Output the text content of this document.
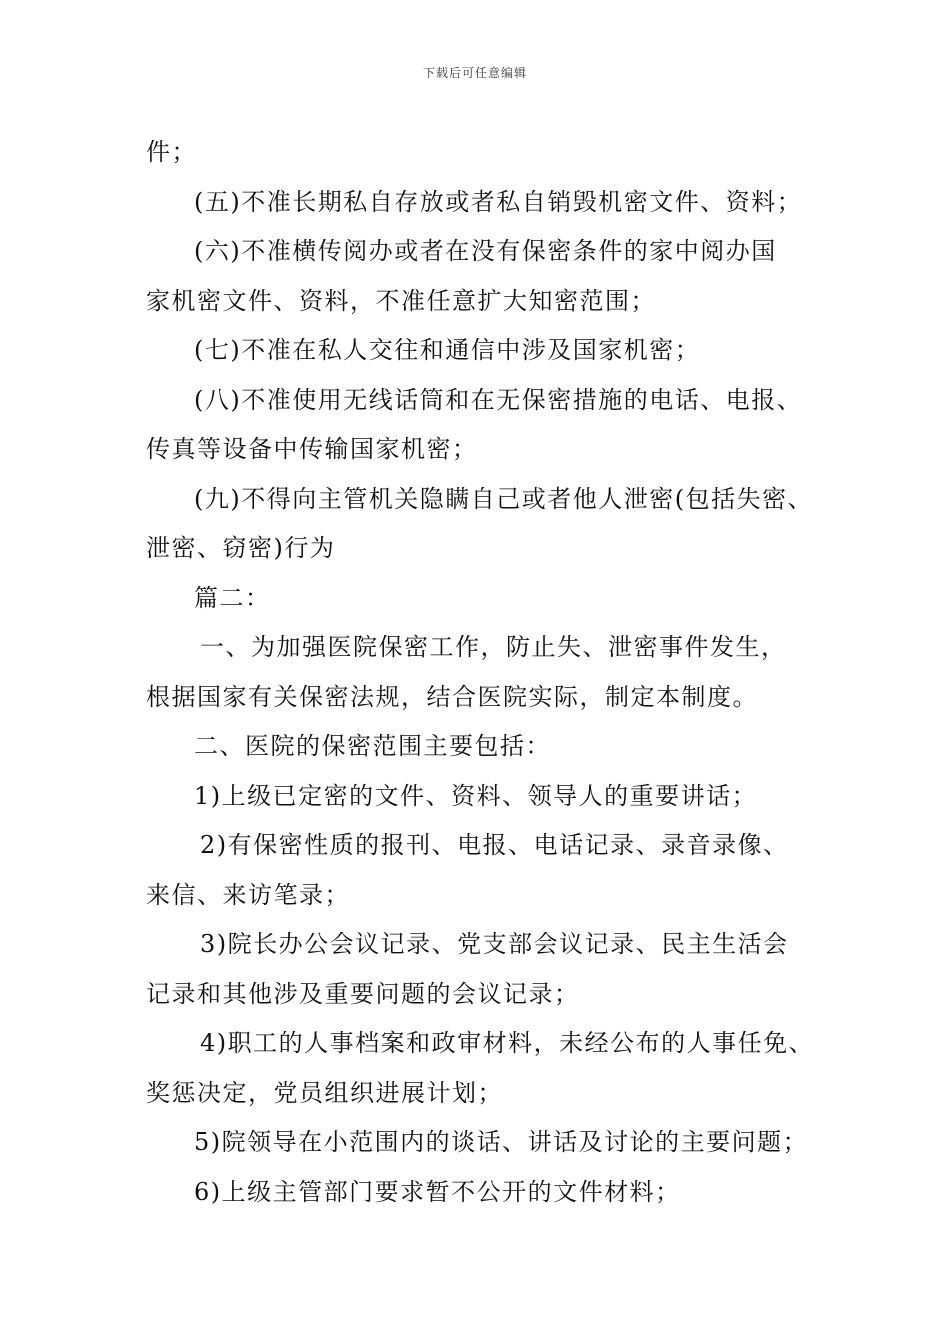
下载后可任意编辑
件；
(五)不准长期私自存放或者私自销毁机密文件、资料；
(六)不准横传阅办或者在没有保密条件的家中阅办国
家机密文件、资料，不准任意扩大知密范围；
(七)不准在私人交往和通信中涉及国家机密；
(八)不准使用无线话筒和在无保密措施的电话、电报、
传真等设备中传输国家机密；
(九)不得向主管机关隐瞒自己或者他人泄密(包括失密、
泄密、窃密)行为
篇二：
一、为加强医院保密工作，防止失、泄密事件发生，
根据国家有关保密法规，结合医院实际，制定本制度。
二、医院的保密范围主要包括：
1)上级已定密的文件、资料、领导人的重要讲话；
2)有保密性质的报刊、电报、电话记录、录音录像、
来信、来访笔录；
3)院长办公会议记录、党支部会议记录、民主生活会
记录和其他涉及重要问题的会议记录；
4)职工的人事档案和政审材料，未经公布的人事任免、
奖惩决定，党员组织进展计划；
5)院领导在小范围内的谈话、讲话及讨论的主要问题；
6)上级主管部门要求暂不公开的文件材料；
